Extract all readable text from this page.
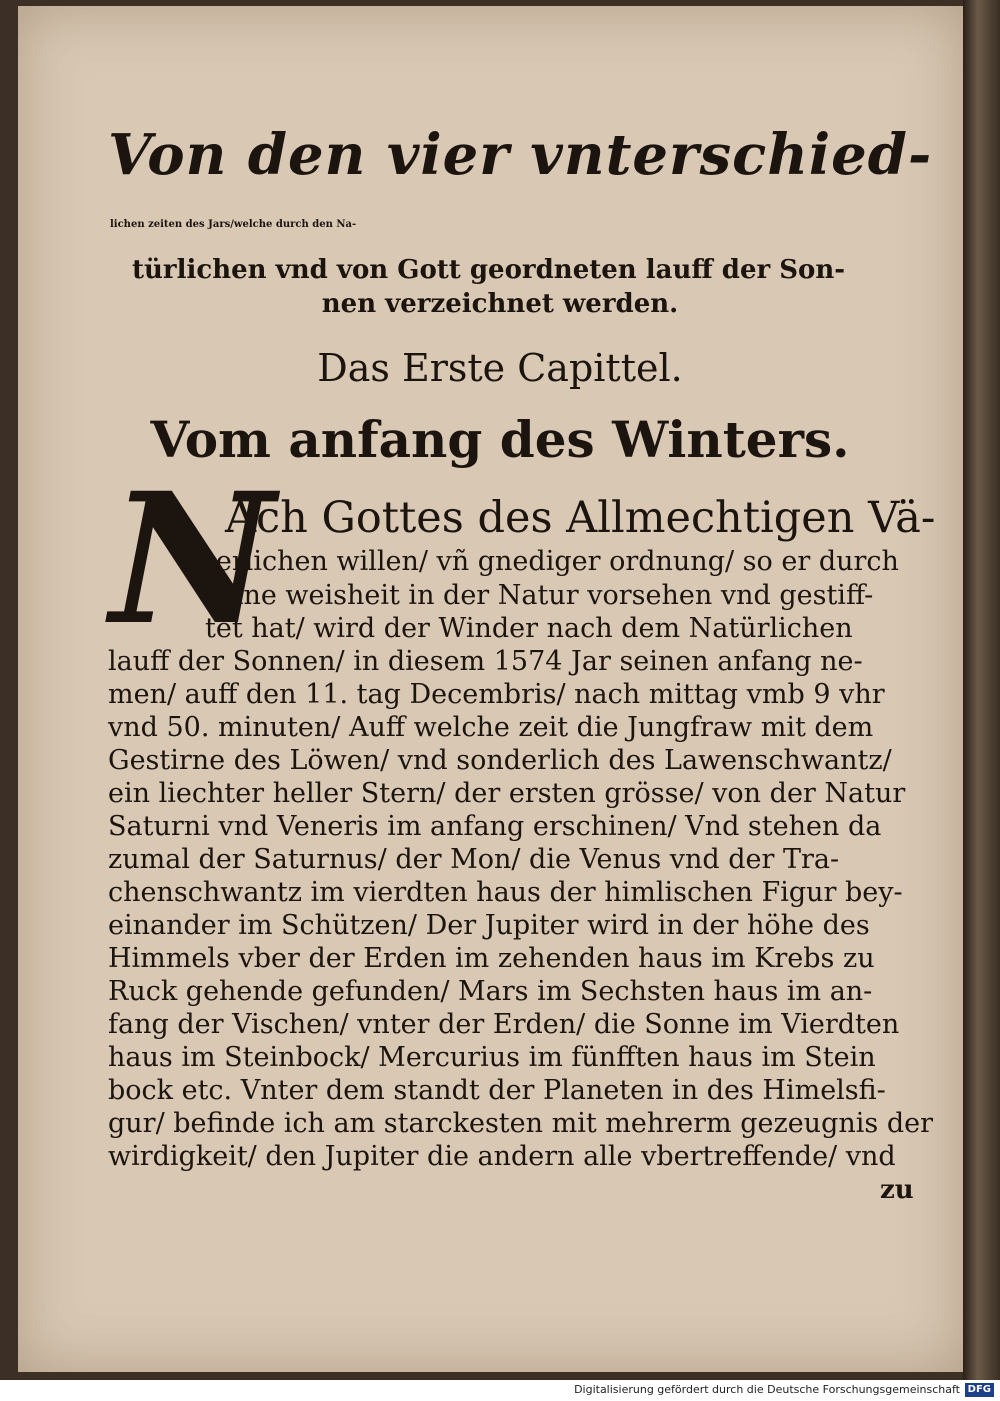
Von den vier vnterschied-
lichen zeiten des Jars/welche durch den Na-
türlichen vnd von Gott geordneten lauff der Son-
nen verzeichnet werden.
Das Erste Capittel.
Vom anfang des Winters.
N
Ach Gottes des Allmechtigen Vä-
terlichen willen/ vñ gnediger ordnung/ so er durch
seine weisheit in der Natur vorsehen vnd gestiff-
tet hat/ wird der Winder nach dem Natürlichen
lauff der Sonnen/ in diesem 1574 Jar seinen anfang ne-
men/ auff den 11. tag Decembris/ nach mittag vmb 9 vhr
vnd 50. minuten/ Auff welche zeit die Jungfraw mit dem
Gestirne des Löwen/ vnd sonderlich des Lawenschwantz/
ein liechter heller Stern/ der ersten grösse/ von der Natur
Saturni vnd Veneris im anfang erschinen/ Vnd stehen da
zumal der Saturnus/ der Mon/ die Venus vnd der Tra-
chenschwantz im vierdten haus der himlischen Figur bey-
einander im Schützen/ Der Jupiter wird in der höhe des
Himmels vber der Erden im zehenden haus im Krebs zu
Ruck gehende gefunden/ Mars im Sechsten haus im an-
fang der Vischen/ vnter der Erden/ die Sonne im Vierdten
haus im Steinbock/ Mercurius im fünfften haus im Stein
bock etc. Vnter dem standt der Planeten in des Himelsfi-
gur/ befinde ich am starckesten mit mehrerm gezeugnis der
wirdigkeit/ den Jupiter die andern alle vbertreffende/ vnd
zu
Digitalisierung gefördert durch die Deutsche Forschungsgemeinschaft DFG
